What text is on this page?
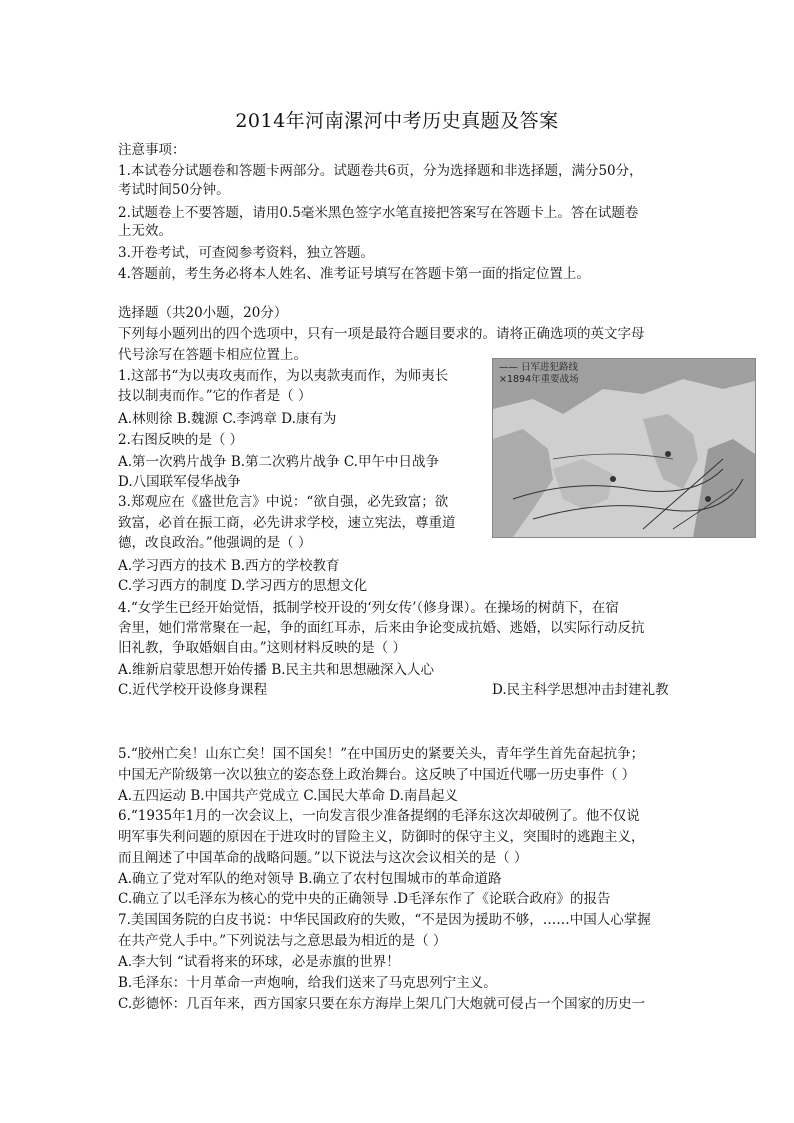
2014年河南漯河中考历史真题及答案
注意事项：
1.本试卷分试题卷和答题卡两部分。试题卷共6页，分为选择题和非选择题，满分50分，
考试时间50分钟。
2.试题卷上不要答题，请用0.5毫米黑色签字水笔直接把答案写在答题卡上。答在试题卷
上无效。
3.开卷考试，可查阅参考资料，独立答题。
4.答题前，考生务必将本人姓名、准考证号填写在答题卡第一面的指定位置上。
选择题（共20小题，20分）
下列每小题列出的四个选项中，只有一项是最符合题目要求的。请将正确选项的英文字母
代号涂写在答题卡相应位置上。
1.这部书“为以夷攻夷而作，为以夷款夷而作，为师夷长
技以制夷而作。”它的作者是（ ）
A.林则徐 B.魏源 C.李鸿章 D.康有为
2.右图反映的是（ ）
A.第一次鸦片战争 B.第二次鸦片战争 C.甲午中日战争
D.八国联军侵华战争
3.郑观应在《盛世危言》中说：“欲自强，必先致富；欲
致富，必首在振工商，必先讲求学校，速立宪法，尊重道
德，改良政治。”他强调的是（ ）
A.学习西方的技术 B.西方的学校教育
C.学习西方的制度 D.学习西方的思想文化
4.“女学生已经开始觉悟，抵制学校开设的‘列女传’（修身课）。在操场的树荫下，在宿
舍里，她们常常聚在一起，争的面红耳赤，后来由争论变成抗婚、逃婚，以实际行动反抗
旧礼教，争取婚姻自由。”这则材料反映的是（ ）
A.维新启蒙思想开始传播 B.民主共和思想融深入人心
C.近代学校开设修身课程	D.民主科学思想冲击封建礼教
5.“胶州亡矣！山东亡矣！国不国矣！”在中国历史的紧要关头，青年学生首先奋起抗争；
中国无产阶级第一次以独立的姿态登上政治舞台。这反映了中国近代哪一历史事件（ ）
A.五四运动 B.中国共产党成立 C.国民大革命 D.南昌起义
6.“1935年1月的一次会议上，一向发言很少准备提纲的毛泽东这次却破例了。他不仅说
明军事失利问题的原因在于进攻时的冒险主义，防御时的保守主义，突围时的逃跑主义，
而且阐述了中国革命的战略问题。”以下说法与这次会议相关的是（ ）
A.确立了党对军队的绝对领导 B.确立了农村包围城市的革命道路
C.确立了以毛泽东为核心的党中央的正确领导 .D毛泽东作了《论联合政府》的报告
7.美国国务院的白皮书说：中华民国政府的失败，“不是因为援助不够，……中国人心掌握
在共产党人手中。”下列说法与之意思最为相近的是（ ）
A.李大钊 “试看将来的环球，必是赤旗的世界！
B.毛泽东：十月革命一声炮响，给我们送来了马克思列宁主义。
C.彭德怀：几百年来，西方国家只要在东方海岸上架几门大炮就可侵占一个国家的历史一
—— 日军进犯路线
×1894年重要战场
